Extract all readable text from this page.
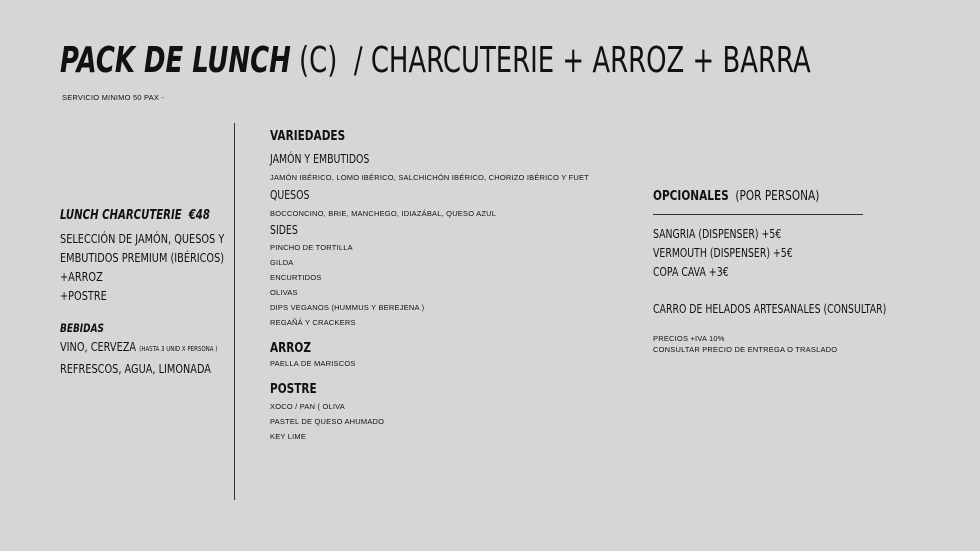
PACK DE LUNCH (C)  / CHARCUTERIE + ARROZ + BARRA
SERVICIO MINIMO 50 PAX -
LUNCH CHARCUTERIE  €48
SELECCIÓN DE JAMÓN, QUESOS Y
EMBUTIDOS PREMIUM (IBÉRICOS)
+ARROZ
+POSTRE
BEBIDAS
VINO, CERVEZA (HASTA 3 UNID X PERSONA )
REFRESCOS, AGUA, LIMONADA
VARIEDADES
JAMÓN Y EMBUTIDOS
JAMÓN IBÉRICO, LOMO IBÉRICO, SALCHICHÓN IBÉRICO, CHORIZO IBÉRICO Y FUET
QUESOS
BOCCONCINO, BRIE, MANCHEGO, IDIAZÁBAL, QUESO AZUL
SIDES
PINCHO DE TORTILLA
GILDA
ENCURTIDOS
OLIVAS
DIPS VEGANOS (HUMMUS Y BEREJENA )
REGAÑÁ Y CRACKERS
ARROZ
PAELLA DE MARISCOS
POSTRE
XOCO / PAN ( OLIVA
PASTEL DE QUESO AHUMADO
KEY LIME
OPCIONALES  (POR PERSONA)
SANGRIA (DISPENSER) +5€
VERMOUTH (DISPENSER) +5€
COPA CAVA +3€
CARRO DE HELADOS ARTESANALES (CONSULTAR)
PRECIOS +IVA 10%
CONSULTAR PRECIO DE ENTREGA O TRASLADO
